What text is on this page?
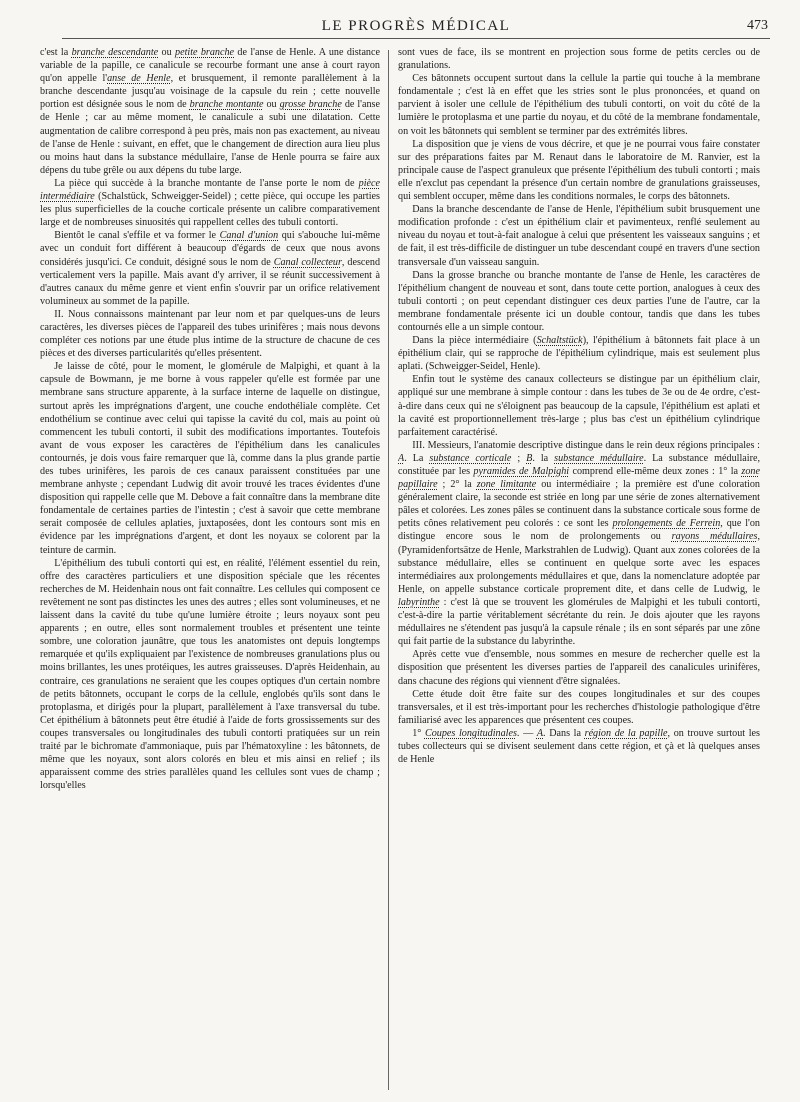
LE PROGRÈS MÉDICAL	473

c'est la branche descendante ou petite branche de l'anse de Henle. A une distance variable de la papille, ce canalicule se recourbe formant une anse à court rayon qu'on appelle l'anse de Henle, et brusquement, il remonte parallèlement à la branche descendante jusqu'au voisinage de la capsule du rein ; cette nouvelle portion est désignée sous le nom de branche montante ou grosse branche de l'anse de Henle ; car au même moment, le canalicule a subi une dilatation. Cette augmentation de calibre correspond à peu près, mais non pas exactement, au niveau de l'anse de Henle : suivant, en effet, que le changement de direction aura lieu plus ou moins haut dans la substance médullaire, l'anse de Henle pourra se faire aux dépens du tube grêle ou aux dépens du tube large.

La pièce qui succède à la branche montante de l'anse porte le nom de pièce intermédiaire (Schalstück, Schweigger-Seidel) ; cette pièce, qui occupe les parties les plus superficielles de la couche corticale présente un calibre comparativement large et de nombreuses sinuosités qui rappellent celles des tubuli contorti.

Bientôt le canal s'effile et va former le Canal d'union qui s'abouche lui-même avec un conduit fort différent à beaucoup d'égards de ceux que nous avons considérés jusqu'ici. Ce conduit, désigné sous le nom de Canal collecteur, descend verticalement vers la papille. Mais avant d'y arriver, il se réunit successivement à d'autres canaux du même genre et vient enfin s'ouvrir par un orifice relativement volumineux au sommet de la papille.

II. Nous connaissons maintenant par leur nom et par quelques-uns de leurs caractères, les diverses pièces de l'appareil des tubes urinifères ; mais nous devons compléter ces notions par une étude plus intime de la structure de chacune de ces pièces et des diverses particularités qu'elles présentent.

Je laisse de côté, pour le moment, le glomérule de Malpighi, et quant à la capsule de Bowmann, je me borne à vous rappeler qu'elle est formée par une membrane sans structure apparente, à la surface interne de laquelle on distingue, surtout après les imprégnations d'argent, une couche endothéliale complète. Cet endothélium se continue avec celui qui tapisse la cavité du col, mais au point où commencent les tubuli contorti, il subit des modifications importantes. Toutefois avant de vous exposer les caractères de l'épithélium dans les canalicules contournés, je dois vous faire remarquer que là, comme dans la plus grande partie des tubes urinifères, les parois de ces canaux paraissent constituées par une membrane anhyste ; cependant Ludwig dit avoir trouvé les traces évidentes d'une disposition qui rappelle celle que M. Debove a fait connaître dans la membrane dite fondamentale de certaines parties de l'intestin ; c'est à savoir que cette membrane serait composée de cellules aplaties, juxtaposées, dont les contours sont mis en évidence par les imprégnations d'argent, et dont les noyaux se colorent par la teinture de carmin.

L'épithélium des tubuli contorti qui est, en réalité, l'élément essentiel du rein, offre des caractères particuliers et une disposition spéciale que les récentes recherches de M. Heidenhain nous ont fait connaître. Les cellules qui composent ce revêtement ne sont pas distinctes les unes des autres ; elles sont volumineuses, et ne laissent dans la cavité du tube qu'une lumière étroite ; leurs noyaux sont peu apparents ; en outre, elles sont normalement troubles et présentent une teinte sombre, une coloration jaunâtre, que tous les anatomistes ont depuis longtemps remarquée et qu'ils expliquaient par l'existence de nombreuses granulations plus ou moins brillantes, les unes protéiques, les autres graisseuses. D'après Heidenhain, au contraire, ces granulations ne seraient que les coupes optiques d'un certain nombre de petits bâtonnets, occupant le corps de la cellule, englobés qu'ils sont dans le protoplasma, et dirigés pour la plupart, parallèlement à l'axe transversal du tube. Cet épithélium à bâtonnets peut être étudié à l'aide de forts grossissements sur des coupes transversales ou longitudinales des tubuli contorti pratiquées sur un rein traité par le bichromate d'ammoniaque, puis par l'hématoxyline : les bâtonnets, de même que les noyaux, sont alors colorés en bleu et mis ainsi en relief ; ils apparaissent comme des stries parallèles quand les cellules sont vues de champ ; lorsqu'elles

sont vues de face, ils se montrent en projection sous forme de petits cercles ou de granulations.

Ces bâtonnets occupent surtout dans la cellule la partie qui touche à la membrane fondamentale ; c'est là en effet que les stries sont le plus prononcées, et quand on parvient à isoler une cellule de l'épithélium des tubuli contorti, on voit du côté de la lumière le protoplasma et une partie du noyau, et du côté de la membrane fondamentale, on voit les bâtonnets qui semblent se terminer par des extrémités libres.

La disposition que je viens de vous décrire, et que je ne pourrai vous faire constater sur des préparations faites par M. Renaut dans le laboratoire de M. Ranvier, est la principale cause de l'aspect granuleux que présente l'épithélium des tubuli contorti ; mais elle n'exclut pas cependant la présence d'un certain nombre de granulations graisseuses, qui semblent occuper, même dans les conditions normales, le corps des bâtonnets.

Dans la branche descendante de l'anse de Henle, l'épithélium subit brusquement une modification profonde : c'est un épithélium clair et pavimenteux, renflé seulement au niveau du noyau et tout-à-fait analogue à celui que présentent les vaisseaux sanguins ; et de fait, il est très-difficile de distinguer un tube descendant coupé en travers d'une section transversale d'un vaisseau sanguin.

Dans la grosse branche ou branche montante de l'anse de Henle, les caractères de l'épithélium changent de nouveau et sont, dans toute cette portion, analogues à ceux des tubuli contorti ; on peut cependant distinguer ces deux parties l'une de l'autre, car la membrane fondamentale présente ici un double contour, tandis que dans les tubes contournés elle a un simple contour.

Dans la pièce intermédiaire (Schaltstück), l'épithélium à bâtonnets fait place à un épithélium clair, qui se rapproche de l'épithélium cylindrique, mais est seulement plus aplati. (Schweigger-Seidel, Henle).

Enfin tout le système des canaux collecteurs se distingue par un épithélium clair, appliqué sur une membrane à simple contour : dans les tubes de 3e ou de 4e ordre, c'est-à-dire dans ceux qui ne s'éloignent pas beaucoup de la capsule, l'épithélium est aplati et la cavité est proportionnellement très-large ; plus bas c'est un épithélium cylindrique parfaitement caractérisé.

III. Messieurs, l'anatomie descriptive distingue dans le rein deux régions principales : A. La substance corticale ; B. la substance médullaire. La substance médullaire, constituée par les pyramides de Malpighi comprend elle-même deux zones : 1° la zone papillaire ; 2° la zone limitante ou intermédiaire ; la première est d'une coloration généralement claire, la seconde est striée en long par une série de zones alternativement pâles et colorées. Les zones pâles se continuent dans la substance corticale sous forme de petits cônes relativement peu colorés : ce sont les prolongements de Ferrein, que l'on distingue encore sous le nom de prolongements ou rayons médullaires, (Pyramidenfortsätze de Henle, Markstrahlen de Ludwig). Quant aux zones colorées de la substance médullaire, elles se continuent en quelque sorte avec les espaces intermédiaires aux prolongements médullaires et que, dans la nomenclature adoptée par Henle, on appelle substance corticale proprement dite, et dans celle de Ludwig, le labyrinthe : c'est là que se trouvent les glomérules de Malpighi et les tubuli contorti, c'est-à-dire la partie véritablement sécrétante du rein. Je dois ajouter que les rayons médullaires ne s'étendent pas jusqu'à la capsule rénale ; ils en sont séparés par une zône qui fait partie de la substance du labyrinthe.

Après cette vue d'ensemble, nous sommes en mesure de rechercher quelle est la disposition que présentent les diverses parties de l'appareil des canalicules urinifères, dans chacune des régions qui viennent d'être signalées.

Cette étude doit être faite sur des coupes longitudinales et sur des coupes transversales, et il est très-important pour les recherches d'histologie pathologique d'être familiarisé avec les apparences que présentent ces coupes.

1° Coupes longitudinales. — A. Dans la région de la papille, on trouve surtout les tubes collecteurs qui se divisent seulement dans cette région, et çà et là quelques anses de Henle
